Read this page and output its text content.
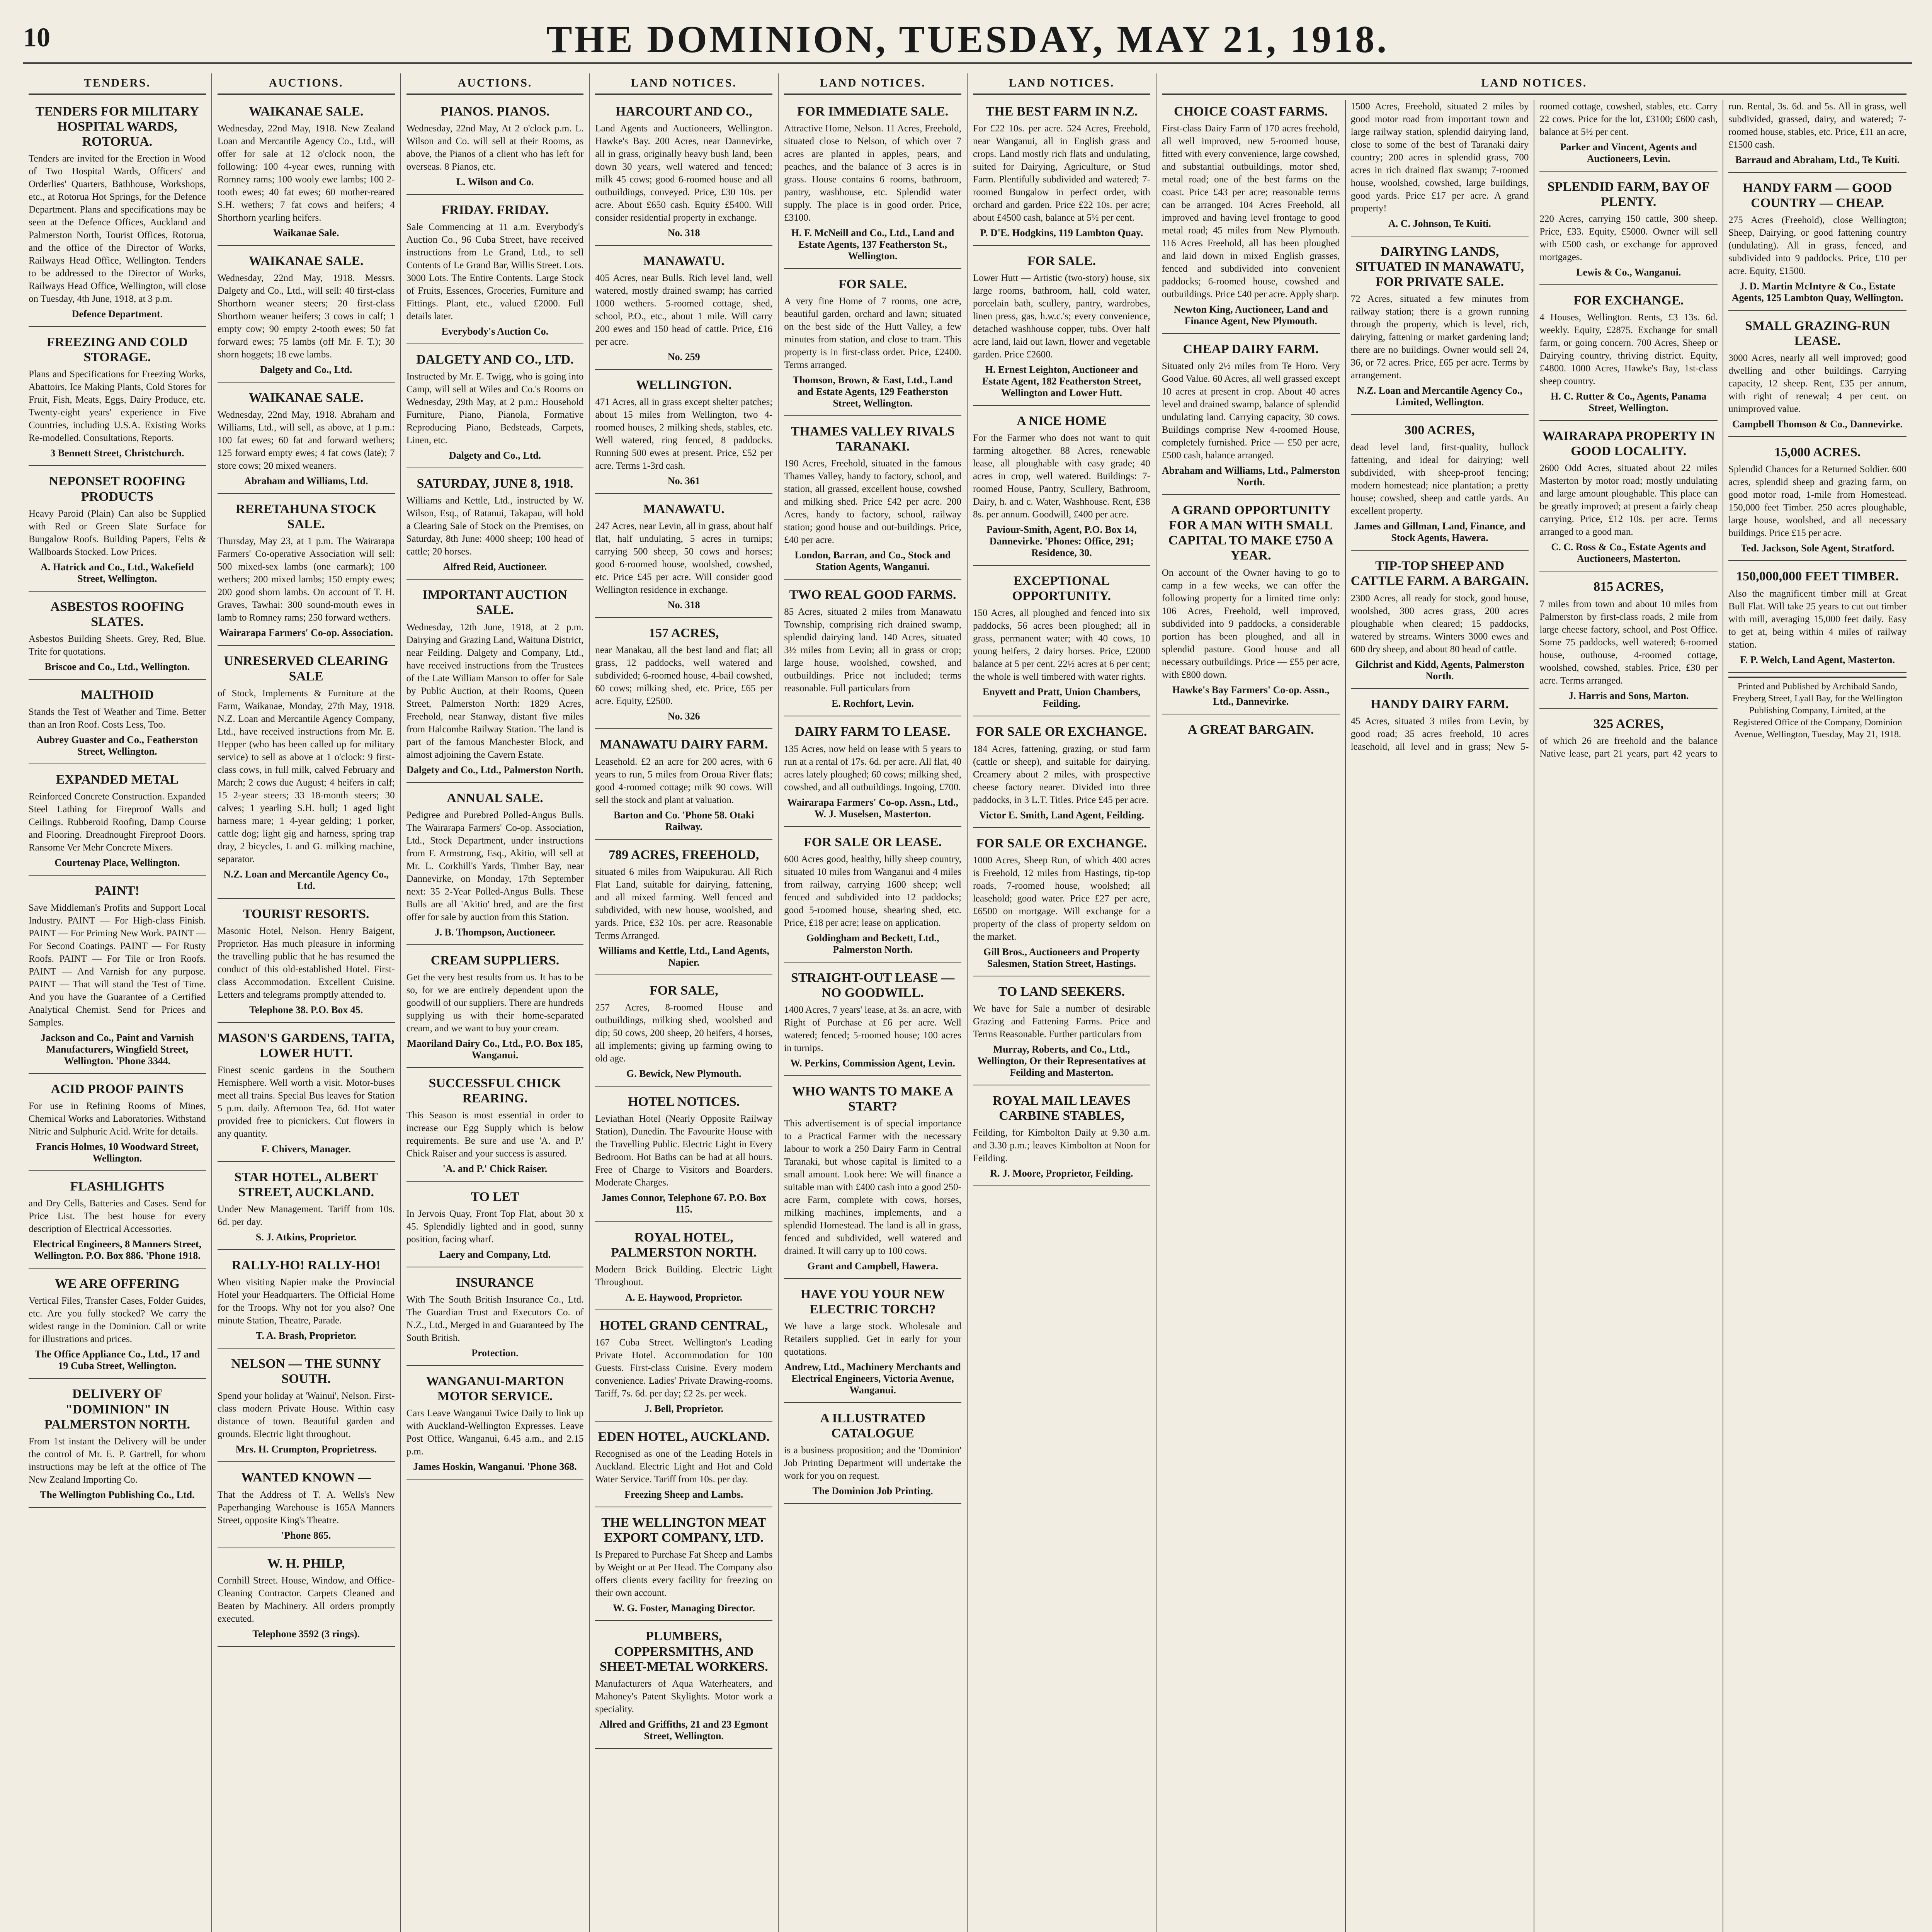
10	THE DOMINION, TUESDAY, MAY 21, 1918.
TENDERS.
TENDERS FOR MILITARY HOSPITAL WARDS, ROTORUA.

Tenders are invited for the Erection in Wood of Two Hospital Wards, Officers' and Orderlies' Quarters, Bathhouse, Workshops, etc., at Rotorua Hot Springs, for the Defence Department. Plans and specifications may be seen at the Defence Offices, Auckland and Palmerston North, Tourist Offices, Rotorua, and the office of the Director of Works, Railways Head Office, Wellington. Tenders to be addressed to the Director of Works, Railways Head Office, Wellington, will close on Tuesday, 4th June, 1918, at 3 p.m.

Defence Department.
FREEZING AND COLD STORAGE.

Plans and Specifications for Freezing Works, Abattoirs, Ice Making Plants, Cold Stores for Fruit, Fish, Meats, Eggs, Dairy Produce, etc. Twenty-eight years' experience in Five Countries, including U.S.A. Existing Works Re-modelled. Consultations, Reports.

3 Bennett Street, Christchurch.
NEPONSET ROOFING PRODUCTS

Heavy Paroid (Plain) Can also be Supplied with Red or Green Slate Surface for Bungalow Roofs. Building Papers, Felts & Wallboards Stocked. Low Prices.

A. Hatrick and Co., Ltd., Wakefield Street, Wellington.
ASBESTOS ROOFING SLATES.

Asbestos Building Sheets. Grey, Red, Blue. Trite for quotations.

Briscoe and Co., Ltd., Wellington.
MALTHOID

Stands the Test of Weather and Time. Better than an Iron Roof. Costs Less, Too.

Aubrey Guaster and Co., Featherston Street, Wellington.
EXPANDED METAL

Reinforced Concrete Construction. Expanded Steel Lathing for Fireproof Walls and Ceilings. Rubberoid Roofing, Damp Course and Flooring. Dreadnought Fireproof Doors. Ransome Ver Mehr Concrete Mixers.

Courtenay Place, Wellington.
PAINT!

Save Middleman's Profits and Support Local Industry. PAINT — For High-class Finish. PAINT — For Priming New Work. PAINT — For Second Coatings. PAINT — For Rusty Roofs. PAINT — For Tile or Iron Roofs. PAINT — And Varnish for any purpose. PAINT — That will stand the Test of Time. And you have the Guarantee of a Certified Analytical Chemist. Send for Prices and Samples.

Jackson and Co., Paint and Varnish Manufacturers, Wingfield Street, Wellington. 'Phone 3344.
ACID PROOF PAINTS

For use in Refining Rooms of Mines, Chemical Works and Laboratories. Withstand Nitric and Sulphuric Acid. Write for details.

Francis Holmes, 10 Woodward Street, Wellington.
FLASHLIGHTS

and Dry Cells, Batteries and Cases. Send for Price List. The best house for every description of Electrical Accessories.

Electrical Engineers, 8 Manners Street, Wellington. P.O. Box 886. 'Phone 1918.
WE ARE OFFERING

Vertical Files, Transfer Cases, Folder Guides, etc. Are you fully stocked? We carry the widest range in the Dominion. Call or write for illustrations and prices.

The Office Appliance Co., Ltd., 17 and 19 Cuba Street, Wellington.
DELIVERY OF "DOMINION" IN PALMERSTON NORTH.

From 1st instant the Delivery will be under the control of Mr. E. P. Gartrell, for whom instructions may be left at the office of The New Zealand Importing Co.

The Wellington Publishing Co., Ltd.
AUCTIONS.
WAIKANAE SALE.

Wednesday, 22nd May, 1918. New Zealand Loan and Mercantile Agency Co., Ltd., will offer for sale at 12 o'clock noon, the following: 100 4-year ewes, running with Romney rams; 100 wooly ewe lambs; 100 2-tooth ewes; 40 fat ewes; 60 mother-reared S.H. wethers; 7 fat cows and heifers; 4 Shorthorn yearling heifers.

Waikanae Sale.
WAIKANAE SALE.

Wednesday, 22nd May, 1918. Messrs. Dalgety and Co., Ltd., will sell: 40 first-class Shorthorn weaner steers; 20 first-class Shorthorn weaner heifers; 3 cows in calf; 1 empty cow; 90 empty 2-tooth ewes; 50 fat forward ewes; 75 lambs (off Mr. F. T.); 30 shorn hoggets; 18 ewe lambs.

Dalgety and Co., Ltd.
WAIKANAE SALE.

Wednesday, 22nd May, 1918. Abraham and Williams, Ltd., will sell, as above, at 1 p.m.: 100 fat ewes; 60 fat and forward wethers; 125 forward empty ewes; 4 fat cows (late); 7 store cows; 20 mixed weaners.

Abraham and Williams, Ltd.
RERETAHUNA STOCK SALE.

Thursday, May 23, at 1 p.m. The Wairarapa Farmers' Co-operative Association will sell: 500 mixed-sex lambs (one earmark); 100 wethers; 200 mixed lambs; 150 empty ewes; 200 good shorn lambs. On account of T. H. Graves, Tawhai: 300 sound-mouth ewes in lamb to Romney rams; 250 forward wethers.

Wairarapa Farmers' Co-op. Association.
UNRESERVED CLEARING SALE

of Stock, Implements & Furniture at the Farm, Waikanae, Monday, 27th May, 1918. N.Z. Loan and Mercantile Agency Company, Ltd., have received instructions from Mr. E. Hepper (who has been called up for military service) to sell as above at 1 o'clock: 9 first-class cows, in full milk, calved February and March; 2 cows due August; 4 heifers in calf; 15 2-year steers; 33 18-month steers; 30 calves; 1 yearling S.H. bull; 1 aged light harness mare; 1 4-year gelding; 1 porker, cattle dog; light gig and harness, spring trap dray, 2 bicycles, L and G. milking machine, separator.

N.Z. Loan and Mercantile Agency Co., Ltd.
TOURIST RESORTS.

Masonic Hotel, Nelson. Henry Baigent, Proprietor. Has much pleasure in informing the travelling public that he has resumed the conduct of this old-established Hotel. First-class Accommodation. Excellent Cuisine. Letters and telegrams promptly attended to.

Telephone 38. P.O. Box 45.
MASON'S GARDENS, TAITA, LOWER HUTT.

Finest scenic gardens in the Southern Hemisphere. Well worth a visit. Motor-buses meet all trains. Special Bus leaves for Station 5 p.m. daily. Afternoon Tea, 6d. Hot water provided free to picnickers. Cut flowers in any quantity.

F. Chivers, Manager.
STAR HOTEL, ALBERT STREET, AUCKLAND.

Under New Management. Tariff from 10s. 6d. per day.

S. J. Atkins, Proprietor.
RALLY-HO! RALLY-HO!

When visiting Napier make the Provincial Hotel your Headquarters. The Official Home for the Troops. Why not for you also? One minute Station, Theatre, Parade.

T. A. Brash, Proprietor.
NELSON — THE SUNNY SOUTH.

Spend your holiday at 'Wainui', Nelson. First-class modern Private House. Within easy distance of town. Beautiful garden and grounds. Electric light throughout.

Mrs. H. Crumpton, Proprietress.
WANTED KNOWN —

That the Address of T. A. Wells's New Paperhanging Warehouse is 165A Manners Street, opposite King's Theatre.

'Phone 865.
W. H. PHILP,

Cornhill Street. House, Window, and Office-Cleaning Contractor. Carpets Cleaned and Beaten by Machinery. All orders promptly executed.

Telephone 3592 (3 rings).
AUCTIONS.
PIANOS. PIANOS.

Wednesday, 22nd May, At 2 o'clock p.m. L. Wilson and Co. will sell at their Rooms, as above, the Pianos of a client who has left for overseas. 8 Pianos, etc.

L. Wilson and Co.
FRIDAY. FRIDAY.

Sale Commencing at 11 a.m. Everybody's Auction Co., 96 Cuba Street, have received instructions from Le Grand, Ltd., to sell Contents of Le Grand Bar, Willis Street. Lots. 3000 Lots. The Entire Contents. Large Stock of Fruits, Essences, Groceries, Furniture and Fittings. Plant, etc., valued £2000. Full details later.

Everybody's Auction Co.
DALGETY AND CO., LTD.

Instructed by Mr. E. Twigg, who is going into Camp, will sell at Wiles and Co.'s Rooms on Wednesday, 29th May, at 2 p.m.: Household Furniture, Piano, Pianola, Formative Reproducing Piano, Bedsteads, Carpets, Linen, etc.

Dalgety and Co., Ltd.
SATURDAY, JUNE 8, 1918.

Williams and Kettle, Ltd., instructed by W. Wilson, Esq., of Ratanui, Takapau, will hold a Clearing Sale of Stock on the Premises, on Saturday, 8th June: 4000 sheep; 100 head of cattle; 20 horses.

Alfred Reid, Auctioneer.
IMPORTANT AUCTION SALE.

Wednesday, 12th June, 1918, at 2 p.m. Dairying and Grazing Land, Waituna District, near Feilding. Dalgety and Company, Ltd., have received instructions from the Trustees of the Late William Manson to offer for Sale by Public Auction, at their Rooms, Queen Street, Palmerston North: 1829 Acres, Freehold, near Stanway, distant five miles from Halcombe Railway Station. The land is part of the famous Manchester Block, and almost adjoining the Cavern Estate.

Dalgety and Co., Ltd., Palmerston North.
ANNUAL SALE.

Pedigree and Purebred Polled-Angus Bulls. The Wairarapa Farmers' Co-op. Association, Ltd., Stock Department, under instructions from F. Armstrong, Esq., Akitio, will sell at Mr. L. Corkhill's Yards, Timber Bay, near Dannevirke, on Monday, 17th September next: 35 2-Year Polled-Angus Bulls. These Bulls are all 'Akitio' bred, and are the first offer for sale by auction from this Station.

J. B. Thompson, Auctioneer.
CREAM SUPPLIERS.

Get the very best results from us. It has to be so, for we are entirely dependent upon the goodwill of our suppliers. There are hundreds supplying us with their home-separated cream, and we want to buy your cream.

Maoriland Dairy Co., Ltd., P.O. Box 185, Wanganui.
SUCCESSFUL CHICK REARING.

This Season is most essential in order to increase our Egg Supply which is below requirements. Be sure and use 'A. and P.' Chick Raiser and your success is assured.

'A. and P.' Chick Raiser.
TO LET

In Jervois Quay, Front Top Flat, about 30 x 45. Splendidly lighted and in good, sunny position, facing wharf.

Laery and Company, Ltd.
INSURANCE

With The South British Insurance Co., Ltd. The Guardian Trust and Executors Co. of N.Z., Ltd., Merged in and Guaranteed by The South British.

Protection.
WANGANUI-MARTON MOTOR SERVICE.

Cars Leave Wanganui Twice Daily to link up with Auckland-Wellington Expresses. Leave Post Office, Wanganui, 6.45 a.m., and 2.15 p.m.

James Hoskin, Wanganui. 'Phone 368.
LAND NOTICES.
HARCOURT AND CO.,

Land Agents and Auctioneers, Wellington. Hawke's Bay. 200 Acres, near Dannevirke, all in grass, originally heavy bush land, been down 30 years, well watered and fenced; milk 45 cows; good 6-roomed house and all outbuildings, conveyed. Price, £30 10s. per acre. About £650 cash. Equity £5400. Will consider residential property in exchange.

No. 318
MANAWATU.

405 Acres, near Bulls. Rich level land, well watered, mostly drained swamp; has carried 1000 wethers. 5-roomed cottage, shed, school, P.O., etc., about 1 mile. Will carry 200 ewes and 150 head of cattle. Price, £16 per acre.

No. 259
WELLINGTON.

471 Acres, all in grass except shelter patches; about 15 miles from Wellington, two 4-roomed houses, 2 milking sheds, stables, etc. Well watered, ring fenced, 8 paddocks. Running 500 ewes at present. Price, £52 per acre. Terms 1-3rd cash.

No. 361
MANAWATU.

247 Acres, near Levin, all in grass, about half flat, half undulating, 5 acres in turnips; carrying 500 sheep, 50 cows and horses; good 6-roomed house, woolshed, cowshed, etc. Price £45 per acre. Will consider good Wellington residence in exchange.

No. 318
157 ACRES,

near Manakau, all the best land and flat; all grass, 12 paddocks, well watered and subdivided; 6-roomed house, 4-bail cowshed, 60 cows; milking shed, etc. Price, £65 per acre. Equity, £2500.

No. 326
MANAWATU DAIRY FARM.

Leasehold. £2 an acre for 200 acres, with 6 years to run, 5 miles from Oroua River flats; good 4-roomed cottage; milk 90 cows. Will sell the stock and plant at valuation.

Barton and Co. 'Phone 58. Otaki Railway.
789 ACRES, FREEHOLD,

situated 6 miles from Waipukurau. All Rich Flat Land, suitable for dairying, fattening, and all mixed farming. Well fenced and subdivided, with new house, woolshed, and yards. Price, £32 10s. per acre. Reasonable Terms Arranged.

Williams and Kettle, Ltd., Land Agents, Napier.
FOR SALE,

257 Acres, 8-roomed House and outbuildings, milking shed, woolshed and dip; 50 cows, 200 sheep, 20 heifers, 4 horses, all implements; giving up farming owing to old age.

G. Bewick, New Plymouth.
HOTEL NOTICES.

Leviathan Hotel (Nearly Opposite Railway Station), Dunedin. The Favourite House with the Travelling Public. Electric Light in Every Bedroom. Hot Baths can be had at all hours. Free of Charge to Visitors and Boarders. Moderate Charges.

James Connor, Telephone 67. P.O. Box 115.
ROYAL HOTEL, PALMERSTON NORTH.

Modern Brick Building. Electric Light Throughout.

A. E. Haywood, Proprietor.
HOTEL GRAND CENTRAL,

167 Cuba Street. Wellington's Leading Private Hotel. Accommodation for 100 Guests. First-class Cuisine. Every modern convenience. Ladies' Private Drawing-rooms. Tariff, 7s. 6d. per day; £2 2s. per week.

J. Bell, Proprietor.
EDEN HOTEL, AUCKLAND.

Recognised as one of the Leading Hotels in Auckland. Electric Light and Hot and Cold Water Service. Tariff from 10s. per day.

Freezing Sheep and Lambs.
THE WELLINGTON MEAT EXPORT COMPANY, LTD.

Is Prepared to Purchase Fat Sheep and Lambs by Weight or at Per Head. The Company also offers clients every facility for freezing on their own account.

W. G. Foster, Managing Director.
PLUMBERS, COPPERSMITHS, AND SHEET-METAL WORKERS.

Manufacturers of Aqua Waterheaters, and Mahoney's Patent Skylights. Motor work a speciality.

Allred and Griffiths, 21 and 23 Egmont Street, Wellington.
LAND NOTICES.
FOR IMMEDIATE SALE.

Attractive Home, Nelson. 11 Acres, Freehold, situated close to Nelson, of which over 7 acres are planted in apples, pears, and peaches, and the balance of 3 acres is in grass. House contains 6 rooms, bathroom, pantry, washhouse, etc. Splendid water supply. The place is in good order. Price, £3100.

H. F. McNeill and Co., Ltd., Land and Estate Agents, 137 Featherston St., Wellington.
FOR SALE.

A very fine Home of 7 rooms, one acre, beautiful garden, orchard and lawn; situated on the best side of the Hutt Valley, a few minutes from station, and close to tram. This property is in first-class order. Price, £2400. Terms arranged.

Thomson, Brown, & East, Ltd., Land and Estate Agents, 129 Featherston Street, Wellington.
THAMES VALLEY RIVALS TARANAKI.

190 Acres, Freehold, situated in the famous Thames Valley, handy to factory, school, and station, all grassed, excellent house, cowshed and milking shed. Price £42 per acre. 200 Acres, handy to factory, school, railway station; good house and out-buildings. Price, £40 per acre.

London, Barran, and Co., Stock and Station Agents, Wanganui.
TWO REAL GOOD FARMS.

85 Acres, situated 2 miles from Manawatu Township, comprising rich drained swamp, splendid dairying land. 140 Acres, situated 3½ miles from Levin; all in grass or crop; large house, woolshed, cowshed, and outbuildings. Price not included; terms reasonable. Full particulars from

E. Rochfort, Levin.
DAIRY FARM TO LEASE.

135 Acres, now held on lease with 5 years to run at a rental of 17s. 6d. per acre. All flat, 40 acres lately ploughed; 60 cows; milking shed, cowshed, and all outbuildings. Ingoing, £700.

Wairarapa Farmers' Co-op. Assn., Ltd., W. J. Muselsen, Masterton.
FOR SALE OR LEASE.

600 Acres good, healthy, hilly sheep country, situated 10 miles from Wanganui and 4 miles from railway, carrying 1600 sheep; well fenced and subdivided into 12 paddocks; good 5-roomed house, shearing shed, etc. Price, £18 per acre; lease on application.

Goldingham and Beckett, Ltd., Palmerston North.
STRAIGHT-OUT LEASE — NO GOODWILL.

1400 Acres, 7 years' lease, at 3s. an acre, with Right of Purchase at £6 per acre. Well watered; fenced; 5-roomed house; 100 acres in turnips.

W. Perkins, Commission Agent, Levin.
WHO WANTS TO MAKE A START?

This advertisement is of special importance to a Practical Farmer with the necessary labour to work a 250 Dairy Farm in Central Taranaki, but whose capital is limited to a small amount. Look here: We will finance a suitable man with £400 cash into a good 250-acre Farm, complete with cows, horses, milking machines, implements, and a splendid Homestead. The land is all in grass, fenced and subdivided, well watered and drained. It will carry up to 100 cows.

Grant and Campbell, Hawera.
HAVE YOU YOUR NEW ELECTRIC TORCH?

We have a large stock. Wholesale and Retailers supplied. Get in early for your quotations.

Andrew, Ltd., Machinery Merchants and Electrical Engineers, Victoria Avenue, Wanganui.
A ILLUSTRATED CATALOGUE

is a business proposition; and the 'Dominion' Job Printing Department will undertake the work for you on request.

The Dominion Job Printing.
LAND NOTICES.
THE BEST FARM IN N.Z.

For £22 10s. per acre. 524 Acres, Freehold, near Wanganui, all in English grass and crops. Land mostly rich flats and undulating, suited for Dairying, Agriculture, or Stud Farm. Plentifully subdivided and watered; 7-roomed Bungalow in perfect order, with orchard and garden. Price £22 10s. per acre; about £4500 cash, balance at 5½ per cent.

P. D'E. Hodgkins, 119 Lambton Quay.
FOR SALE.

Lower Hutt — Artistic (two-story) house, six large rooms, bathroom, hall, cold water, porcelain bath, scullery, pantry, wardrobes, linen press, gas, h.w.c.'s; every convenience, detached washhouse copper, tubs. Over half acre land, laid out lawn, flower and vegetable garden. Price £2600.

H. Ernest Leighton, Auctioneer and Estate Agent, 182 Featherston Street, Wellington and Lower Hutt.
A NICE HOME

For the Farmer who does not want to quit farming altogether. 88 Acres, renewable lease, all ploughable with easy grade; 40 acres in crop, well watered. Buildings: 7-roomed House, Pantry, Scullery, Bathroom, Dairy, h. and c. Water, Washhouse. Rent, £38 8s. per annum. Goodwill, £400 per acre.

Paviour-Smith, Agent, P.O. Box 14, Dannevirke. 'Phones: Office, 291; Residence, 30.
EXCEPTIONAL OPPORTUNITY.

150 Acres, all ploughed and fenced into six paddocks, 56 acres been ploughed; all in grass, permanent water; with 40 cows, 10 young heifers, 2 dairy horses. Price, £2000 balance at 5 per cent. 22½ acres at 6 per cent; the whole is well timbered with water rights.

Enyvett and Pratt, Union Chambers, Feilding.
FOR SALE OR EXCHANGE.

184 Acres, fattening, grazing, or stud farm (cattle or sheep), and suitable for dairying. Creamery about 2 miles, with prospective cheese factory nearer. Divided into three paddocks, in 3 L.T. Titles. Price £45 per acre.

Victor E. Smith, Land Agent, Feilding.
FOR SALE OR EXCHANGE.

1000 Acres, Sheep Run, of which 400 acres is Freehold, 12 miles from Hastings, tip-top roads, 7-roomed house, woolshed; all leasehold; good water. Price £27 per acre, £6500 on mortgage. Will exchange for a property of the class of property seldom on the market.

Gill Bros., Auctioneers and Property Salesmen, Station Street, Hastings.
TO LAND SEEKERS.

We have for Sale a number of desirable Grazing and Fattening Farms. Price and Terms Reasonable. Further particulars from

Murray, Roberts, and Co., Ltd., Wellington, Or their Representatives at Feilding and Masterton.
ROYAL MAIL LEAVES CARBINE STABLES,

Feilding, for Kimbolton Daily at 9.30 a.m. and 3.30 p.m.; leaves Kimbolton at Noon for Feilding.

R. J. Moore, Proprietor, Feilding.
LAND NOTICES.
CHOICE COAST FARMS.

First-class Dairy Farm of 170 acres freehold, all well improved, new 5-roomed house, fitted with every convenience, large cowshed, and substantial outbuildings, motor shed, metal road; one of the best farms on the coast. Price £43 per acre; reasonable terms can be arranged. 104 Acres Freehold, all improved and having level frontage to good metal road; 45 miles from New Plymouth. 116 Acres Freehold, all has been ploughed and laid down in mixed English grasses, fenced and subdivided into convenient paddocks; 6-roomed house, cowshed and outbuildings. Price £40 per acre. Apply sharp.

Newton King, Auctioneer, Land and Finance Agent, New Plymouth.
CHEAP DAIRY FARM.

Situated only 2½ miles from Te Horo. Very Good Value. 60 Acres, all well grassed except 10 acres at present in crop. About 40 acres level and drained swamp, balance of splendid undulating land. Carrying capacity, 30 cows. Buildings comprise New 4-roomed House, completely furnished. Price — £50 per acre, £500 cash, balance arranged.

Abraham and Williams, Ltd., Palmerston North.
A GRAND OPPORTUNITY FOR A MAN WITH SMALL CAPITAL TO MAKE £750 A YEAR.

On account of the Owner having to go to camp in a few weeks, we can offer the following property for a limited time only: 106 Acres, Freehold, well improved, subdivided into 9 paddocks, a considerable portion has been ploughed, and all in splendid pasture. Good house and all necessary outbuildings. Price — £55 per acre, with £800 down.

Hawke's Bay Farmers' Co-op. Assn., Ltd., Dannevirke.
A GREAT BARGAIN.

1500 Acres, Freehold, situated 2 miles by good motor road from important town and large railway station, splendid dairying land, close to some of the best of Taranaki dairy country; 200 acres in splendid grass, 700 acres in rich drained flax swamp; 7-roomed house, woolshed, cowshed, large buildings, good yards. Price £17 per acre. A grand property!

A. C. Johnson, Te Kuiti.
DAIRYING LANDS, SITUATED IN MANAWATU, FOR PRIVATE SALE.

72 Acres, situated a few minutes from railway station; there is a grown running through the property, which is level, rich, dairying, fattening or market gardening land; there are no buildings. Owner would sell 24, 36, or 72 acres. Price, £65 per acre. Terms by arrangement.

N.Z. Loan and Mercantile Agency Co., Limited, Wellington.
300 ACRES,

dead level land, first-quality, bullock fattening, and ideal for dairying; well subdivided, with sheep-proof fencing; modern homestead; nice plantation; a pretty house; cowshed, sheep and cattle yards. An excellent property.

James and Gillman, Land, Finance, and Stock Agents, Hawera.
TIP-TOP SHEEP AND CATTLE FARM. A BARGAIN.

2300 Acres, all ready for stock, good house, woolshed, 300 acres grass, 200 acres ploughable when cleared; 15 paddocks, watered by streams. Winters 3000 ewes and 600 dry sheep, and about 80 head of cattle.

Gilchrist and Kidd, Agents, Palmerston North.
HANDY DAIRY FARM.

45 Acres, situated 3 miles from Levin, by good road; 35 acres freehold, 10 acres leasehold, all level and in grass; New 5-roomed cottage, cowshed, stables, etc. Carry 22 cows. Price for the lot, £3100; £600 cash, balance at 5½ per cent.

Parker and Vincent, Agents and Auctioneers, Levin.
SPLENDID FARM, BAY OF PLENTY.

220 Acres, carrying 150 cattle, 300 sheep. Price, £33. Equity, £5000. Owner will sell with £500 cash, or exchange for approved mortgages.

Lewis & Co., Wanganui.
FOR EXCHANGE.

4 Houses, Wellington. Rents, £3 13s. 6d. weekly. Equity, £2875. Exchange for small farm, or going concern. 700 Acres, Sheep or Dairying country, thriving district. Equity, £4800. 1000 Acres, Hawke's Bay, 1st-class sheep country.

H. C. Rutter & Co., Agents, Panama Street, Wellington.
WAIRARAPA PROPERTY IN GOOD LOCALITY.

2600 Odd Acres, situated about 22 miles Masterton by motor road; mostly undulating and large amount ploughable. This place can be greatly improved; at present a fairly cheap carrying. Price, £12 10s. per acre. Terms arranged to a good man.

C. C. Ross & Co., Estate Agents and Auctioneers, Masterton.
815 ACRES,

7 miles from town and about 10 miles from Palmerston by first-class roads, 2 mile from large cheese factory, school, and Post Office. Some 75 paddocks, well watered; 6-roomed house, outhouse, 4-roomed cottage, woolshed, cowshed, stables. Price, £30 per acre. Terms arranged.

J. Harris and Sons, Marton.
325 ACRES,

of which 26 are freehold and the balance Native lease, part 21 years, part 42 years to run. Rental, 3s. 6d. and 5s. All in grass, well subdivided, grassed, dairy, and watered; 7-roomed house, stables, etc. Price, £11 an acre, £1500 cash.

Barraud and Abraham, Ltd., Te Kuiti.
HANDY FARM — GOOD COUNTRY — CHEAP.

275 Acres (Freehold), close Wellington; Sheep, Dairying, or good fattening country (undulating). All in grass, fenced, and subdivided into 9 paddocks. Price, £10 per acre. Equity, £1500.

J. D. Martin McIntyre & Co., Estate Agents, 125 Lambton Quay, Wellington.
SMALL GRAZING-RUN LEASE.

3000 Acres, nearly all well improved; good dwelling and other buildings. Carrying capacity, 12 sheep. Rent, £35 per annum, with right of renewal; 4 per cent. on unimproved value.

Campbell Thomson & Co., Dannevirke.
15,000 ACRES.

Splendid Chances for a Returned Soldier. 600 acres, splendid sheep and grazing farm, on good motor road, 1-mile from Homestead. 150,000 feet Timber. 250 acres ploughable, large house, woolshed, and all necessary buildings. Price £15 per acre.

Ted. Jackson, Sole Agent, Stratford.
150,000,000 FEET TIMBER.

Also the magnificent timber mill at Great Bull Flat. Will take 25 years to cut out timber with mill, averaging 15,000 feet daily. Easy to get at, being within 4 miles of railway station.

F. P. Welch, Land Agent, Masterton.
Printed and Published by Archibald Sando, Freyberg Street, Lyall Bay, for the Wellington Publishing Company, Limited, at the Registered Office of the Company, Dominion Avenue, Wellington, Tuesday, May 21, 1918.
